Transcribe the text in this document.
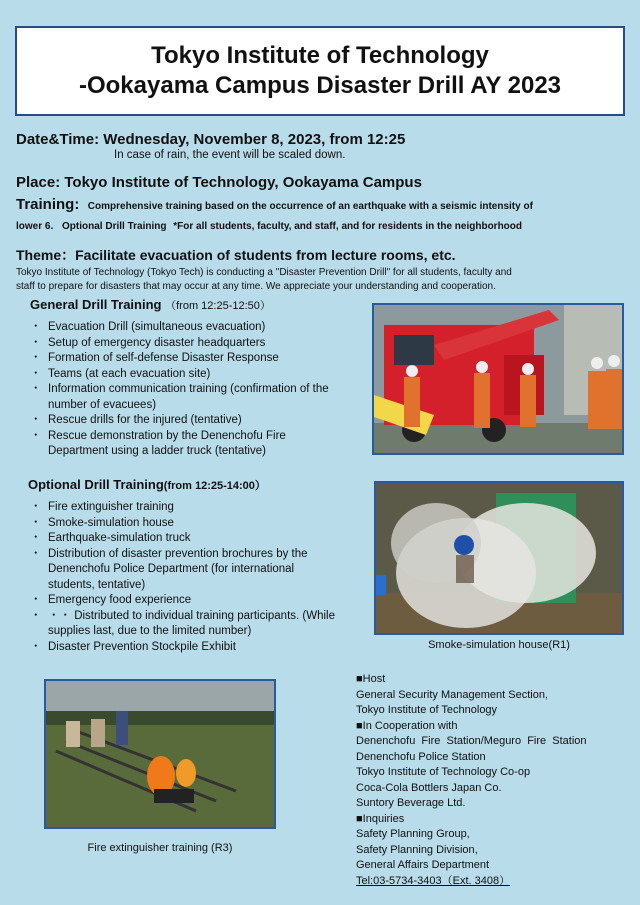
Tokyo Institute of Technology
-Ookayama Campus Disaster Drill AY 2023
Date&Time: Wednesday, November 8, 2023, from 12:25
In case of rain, the event will be scaled down.
Place: Tokyo Institute of Technology, Ookayama Campus
Training: Comprehensive training based on the occurrence of an earthquake with a seismic intensity of
lower 6. Optional Drill Training *For all students, faculty, and staff, and for residents in the neighborhood
Theme：Facilitate evacuation of students from lecture rooms, etc.
Tokyo Institute of Technology (Tokyo Tech) is conducting a "Disaster Prevention Drill" for all students, faculty and
staff to prepare for disasters that may occur at any time. We appreciate your understanding and cooperation.
General Drill Training （from 12:25-12:50）
・ Evacuation Drill (simultaneous evacuation)
・ Setup of emergency disaster headquarters
・ Formation of self-defense Disaster Response
・ Teams (at each evacuation site)
・ Information communication training (confirmation of the number of evacuees)
・ Rescue drills for the injured (tentative)
・ Rescue demonstration by the Denenchofu Fire Department using a ladder truck (tentative)
Optional Drill Training(from 12:25-14:00）
・ Fire extinguisher training
・ Smoke-simulation house
・ Earthquake-simulation truck
・ Distribution of disaster prevention brochures by the Denenchofu Police Department (for international students, tentative)
・ Emergency food experience
・ ・・ Distributed to individual training participants. (While supplies last, due to the limited number)
・ Disaster Prevention Stockpile Exhibit	Smoke-simulation house(R1)
Fire extinguisher training (R3)

■ Host

General Security Management Section,

Tokyo Institute of Technology

■ In Cooperation with

Denenchofu  Fire  Station/Meguro  Fire  Station

Denenchofu Police Station

Tokyo Institute of Technology Co-op

Coca-Cola Bottlers Japan Co.

Suntory Beverage Ltd.

■ Inquiries

Safety Planning Group,

Safety Planning Division,

General Affairs Department

Tel:03-5734-3403（Ext. 3408）
